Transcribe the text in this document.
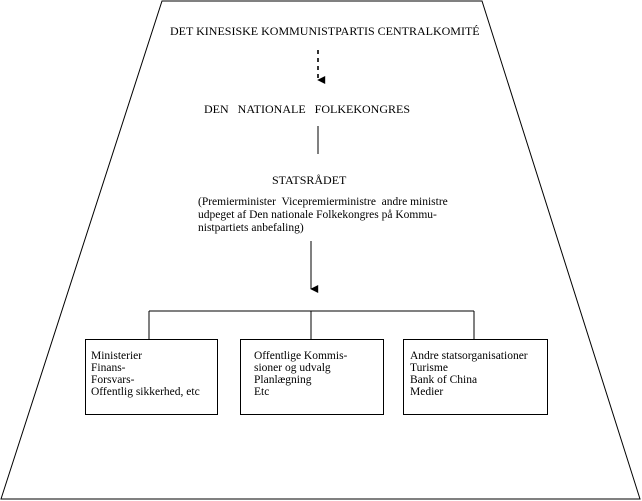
DET KINESISKE KOMMUNISTPARTIS CENTRALKOMITÉ
DEN   NATIONALE   FOLKEKONGRES
STATSRÅDET
(Premierminister  Vicepremierministre  andre ministre
udpeget af Den nationale Folkekongres på Kommu-
nistpartiets anbefaling)
Ministerier
Finans-
Forsvars-
Offentlig sikkerhed, etc
Offentlige Kommis-
sioner og udvalg
Planlægning
Etc
Andre statsorganisationer
Turisme
Bank of China
Medier
